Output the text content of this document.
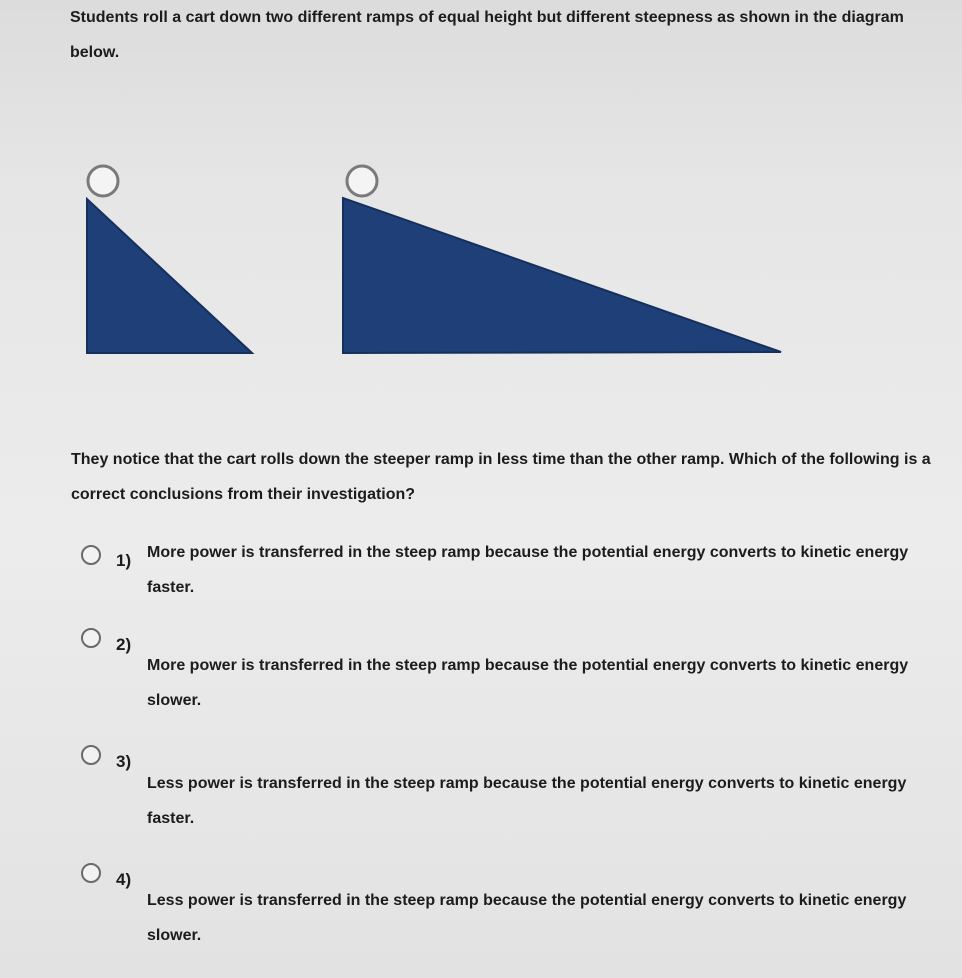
Students roll a cart down two different ramps of equal height but different steepness as shown in the diagram below.

They notice that the cart rolls down the steeper ramp in less time than the other ramp. Which of the following is a correct conclusions from their investigation?

1) More power is transferred in the steep ramp because the potential energy converts to kinetic energy faster.
2)
More power is transferred in the steep ramp because the potential energy converts to kinetic energy slower.
3)
Less power is transferred in the steep ramp because the potential energy converts to kinetic energy faster.
4)
Less power is transferred in the steep ramp because the potential energy converts to kinetic energy slower.
